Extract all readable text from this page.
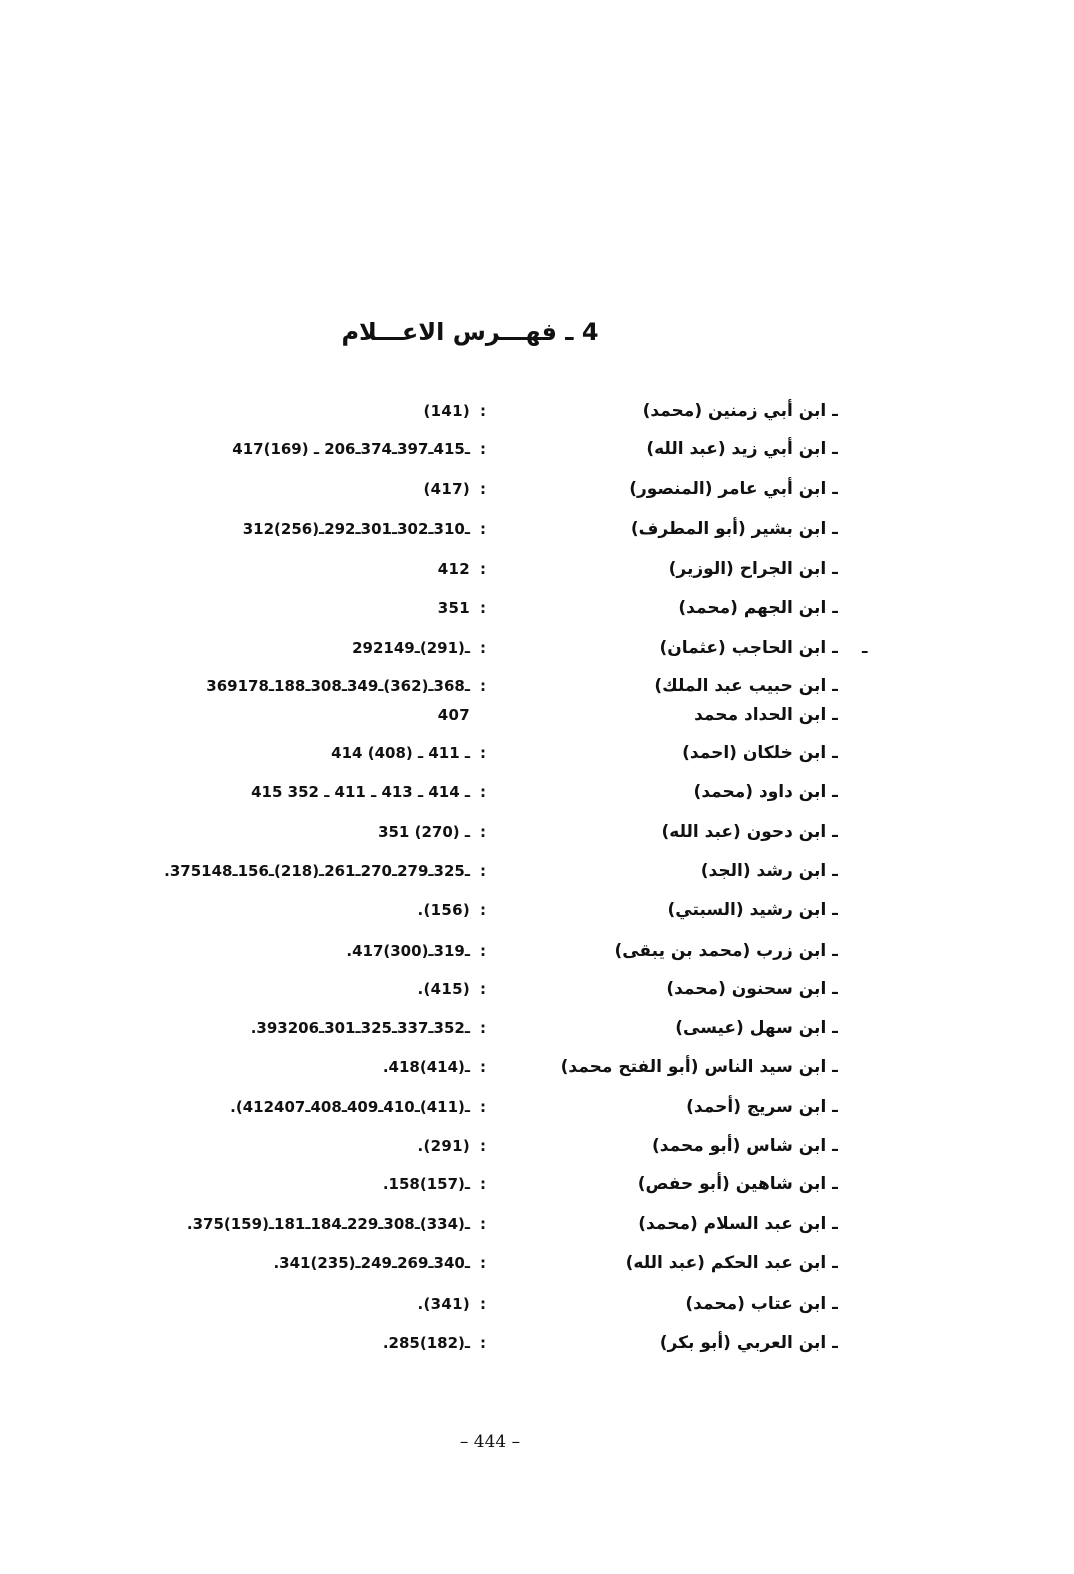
4 ـ فهـــرس الاعـــلام
ـ ابن أبي زمنين (محمد)
:
(141)
ـ ابن أبي زيد (عبد الله)
:
417ـ415ـ397ـ374ـ206 ـ (169)
ـ ابن أبي عامر (المنصور)
:
(417)
ـ ابن بشير (أبو المطرف)
:
312ـ310ـ302ـ301ـ292ـ(256)
ـ ابن الجراح (الوزير)
:
412
ـ ابن الجهم (محمد)
:
351
ـ ابن الحاجب (عثمان)
:
292ـ(291)ـ149
ـ ابن حبيب عبد الملك)
:
369ـ368ـ(362)ـ349ـ308ـ188ـ178
ـ ابن الحداد محمد
407
ـ ابن خلكان (احمد)
:
414 ـ 411 ـ (408)
ـ ابن داود (محمد)
:
415 ـ 414 ـ 413 ـ 411 ـ 352
ـ ابن دحون (عبد الله)
:
351 ـ (270)
ـ ابن رشد (الجد)
:
.375ـ325ـ279ـ270ـ261ـ(218)ـ156ـ148
ـ ابن رشيد (السبتي)
:
.(156)
ـ ابن زرب (محمد بن يبقى)
:
.417ـ319ـ(300)
ـ ابن سحنون (محمد)
:
.(415)
ـ ابن سهل (عيسى)
:
.393ـ352ـ337ـ325ـ301ـ206
ـ ابن سيد الناس (أبو الفتح محمد)
:
.418ـ(414)
ـ ابن سريج (أحمد)
:
.(412ـ(411)ـ410ـ409ـ408ـ407
ـ ابن شاس (أبو محمد)
:
.(291)
ـ ابن شاهين (أبو حفص)
:
.158ـ(157)
ـ ابن عبد السلام (محمد)
:
.375ـ(334)ـ308ـ229ـ184ـ181ـ(159)
ـ ابن عبد الحكم (عبد الله)
:
.341ـ340ـ269ـ249ـ(235)
ـ ابن عتاب (محمد)
:
.(341)
ـ ابن العربي (أبو بكر)
:
.285ـ(182)
ـ
– 444 –
